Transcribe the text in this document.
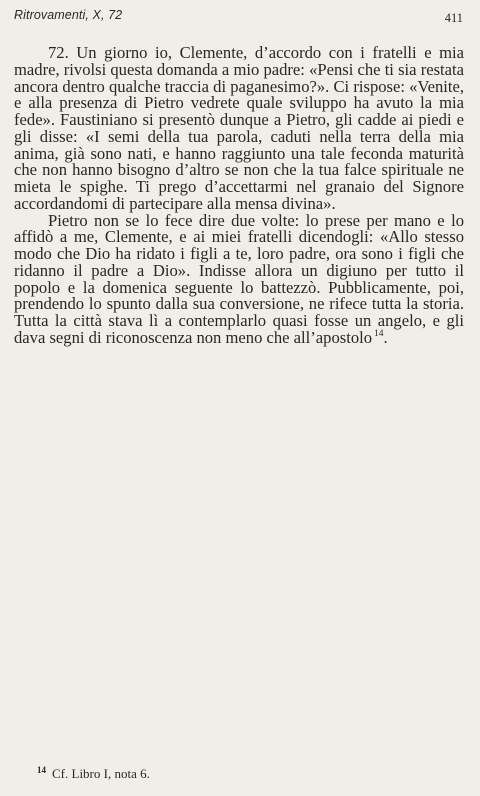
Ritrovamenti, X, 72	411

72. Un giorno io, Clemente, d’accordo con i fratelli e mia madre, rivolsi questa domanda a mio padre: «Pensi che ti sia restata ancora dentro qualche traccia di paganesimo?». Ci rispose: «Venite, e alla presenza di Pietro vedrete quale sviluppo ha avuto la mia fede». Faustiniano si presentò dunque a Pietro, gli cadde ai piedi e gli disse: «I semi della tua parola, caduti nella terra della mia anima, già sono nati, e hanno raggiunto una tale feconda maturità che non hanno bisogno d’altro se non che la tua falce spirituale ne mieta le spighe. Ti prego d’accettarmi nel granaio del Signore accordandomi di partecipare alla mensa divina».

Pietro non se lo fece dire due volte: lo prese per mano e lo affidò a me, Clemente, e ai miei fratelli dicendogli: «Allo stesso modo che Dio ha ridato i figli a te, loro padre, ora sono i figli che ridanno il padre a Dio». Indisse allora un digiuno per tutto il popolo e la domenica seguente lo battezzò. Pubblicamente, poi, prendendo lo spunto dalla sua conversione, ne rifece tutta la storia. Tutta la città stava lì a contemplarlo quasi fosse un angelo, e gli dava segni di riconoscenza non meno che all’apostolo $^{14}$.

$^{14}$ Cf. Libro I, nota 6.
